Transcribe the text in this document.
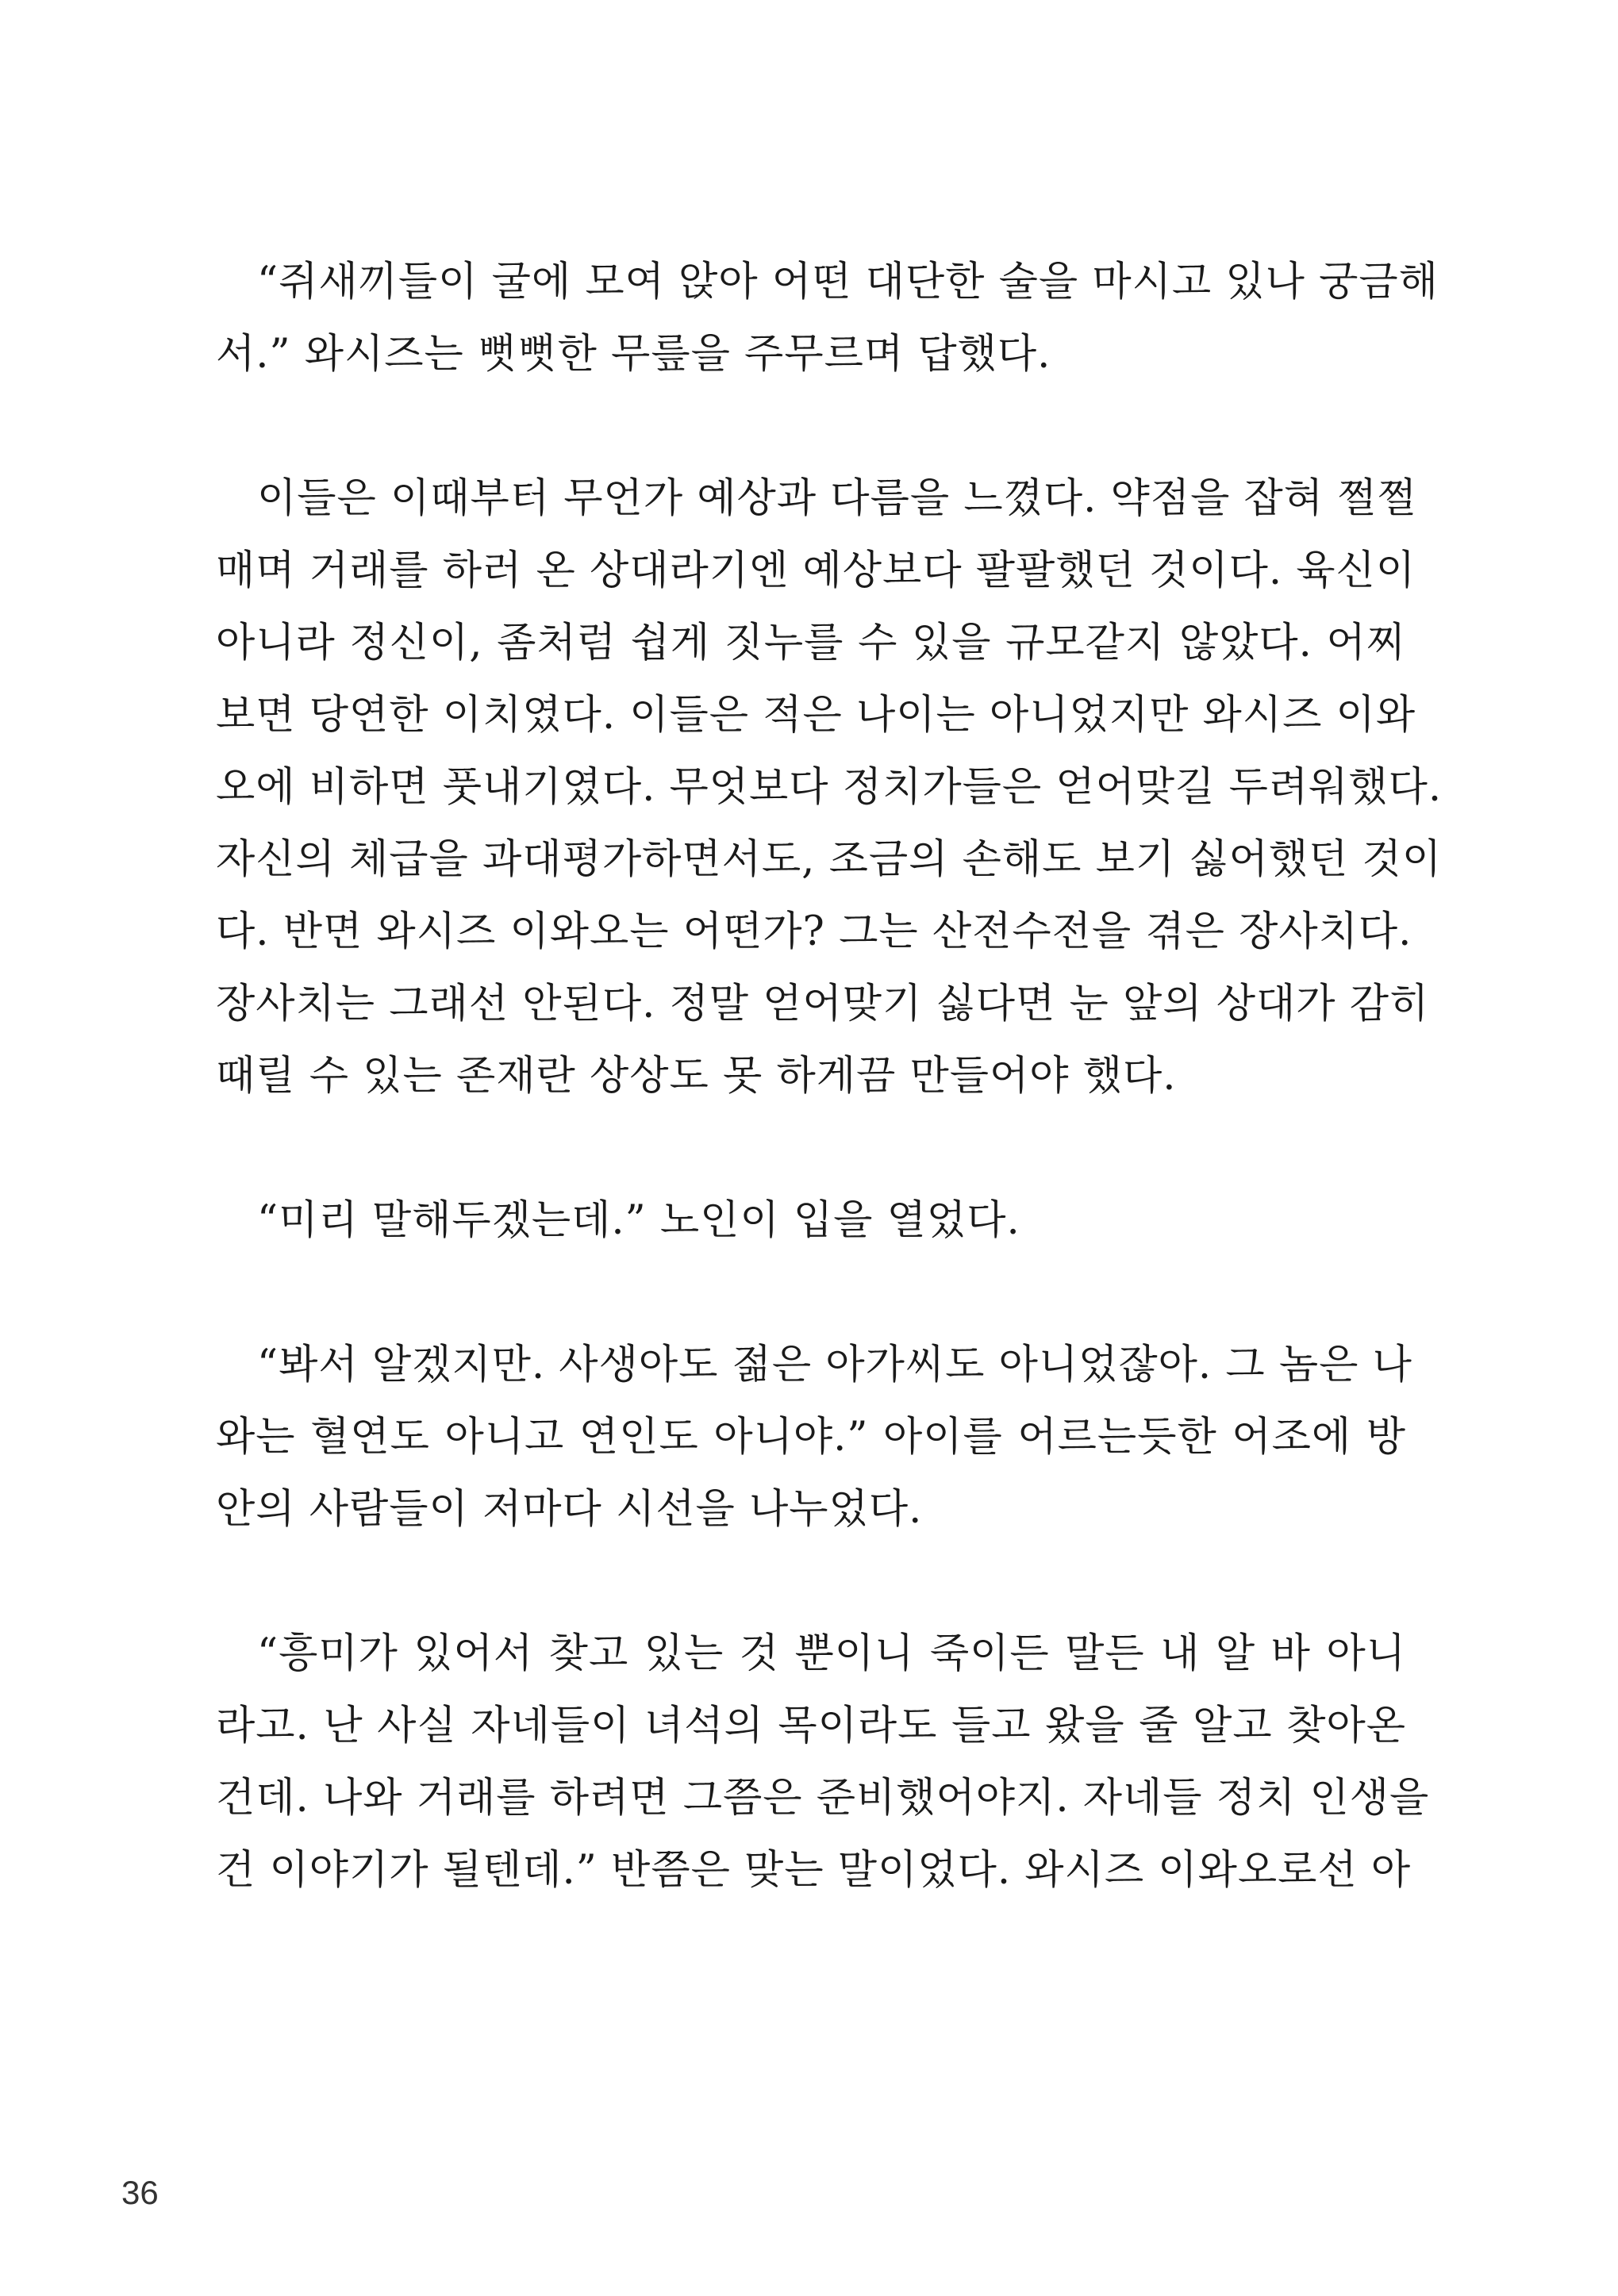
“쥐새끼들이 굴에 모여 앉아 어떤 대단한 술을 마시고 있나 궁금해
서.” 와시즈는 뻣뻣한 무릎을 주무르며 답했다.

이들은 이때부터 무언가 예상과 다름을 느꼈다. 약점을 잡혀 쩔쩔
매며 거래를 하러 온 상대라기엔 예상보다 팔팔했던 것이다. 육신이
아니라 정신이, 좀처럼 쉽게 짓누를 수 있을 규모같지 않았다. 어찌
보면 당연한 이치였다. 이들은 적은 나이는 아니었지만 와시즈 이와
오에 비하면 풋내기였다. 무엇보다 정치가들은 얻어맞길 두려워했다.
자신의 체급을 과대평가하면서도, 조금의 손해도 보기 싫어했던 것이
다. 반면 와시즈 이와오는 어떤가? 그는 산전수전을 겪은 장사치다.
장사치는 그래선 안된다. 정말 얻어맞기 싫다면 눈 앞의 상대가 감히
때릴 수 있는 존재란 상상도 못 하게끔 만들어야 했다.

“미리 말해두겠는데.” 노인이 입을 열었다.

“봐서 알겠지만. 사생아도 젊은 아가씨도 아니었잖아. 그 놈은 나
와는 혈연도 아니고 연인도 아니야.” 아이를 어르는듯한 어조에 방
안의 사람들이 저마다 시선을 나누었다.

“흥미가 있어서 찾고 있는 것 뿐이니 죽이든 말든 내 알 바 아니
라고. 난 사실 자네들이 녀석의 목이라도 들고 왔을 줄 알고 찾아온
건데. 나와 거래를 하려면 그쯤은 준비했어야지. 자네들 정치 인생을
건 이야기가 될텐데.” 반쯤은 맞는 말이었다. 와시즈 이와오로선 아

36
